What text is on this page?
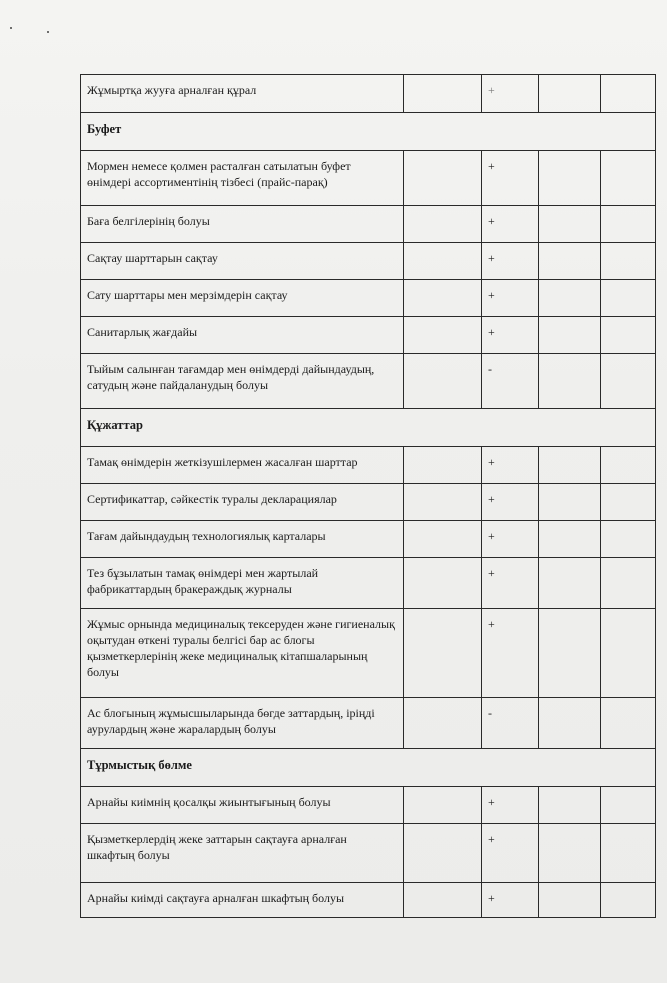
Жұмыртқа жууға арналған құрал		+		
Буфет				
Мормен немесе қолмен расталған сатылатын буфет өнімдері ассортиментінің тізбесі (прайс-парақ)		+		
Баға белгілерінің болуы		+		
Сақтау шарттарын сақтау		+		
Сату шарттары мен мерзімдерін сақтау		+		
Санитарлық жағдайы		+		
Тыйым салынған тағамдар мен өнімдерді дайындаудың, сатудың және пайдаланудың болуы		-		
Құжаттар				
Тамақ өнімдерін жеткізушілермен жасалған шарттар		+		
Сертификаттар, сәйкестік туралы декларациялар		+		
Тағам дайындаудың технологиялық карталары		+		
Тез бұзылатын тамақ өнімдері мен жартылай фабрикаттардың бракераждық журналы		+		
Жұмыс орнында медициналық тексеруден және гигиеналық оқытудан өткені туралы белгісі бар ас блогы қызметкерлерінің жеке медициналық кітапшаларының болуы		+		
Ас блогының жұмысшыларында бөгде заттардың, іріңді аурулардың және жаралардың болуы		-		
Тұрмыстық бөлме				
Арнайы киімнің қосалқы жиынтығының болуы		+		
Қызметкерлердің жеке заттарын сақтауға арналған шкафтың болуы		+		
Арнайы киімді сақтауға арналған шкафтың болуы		+		
